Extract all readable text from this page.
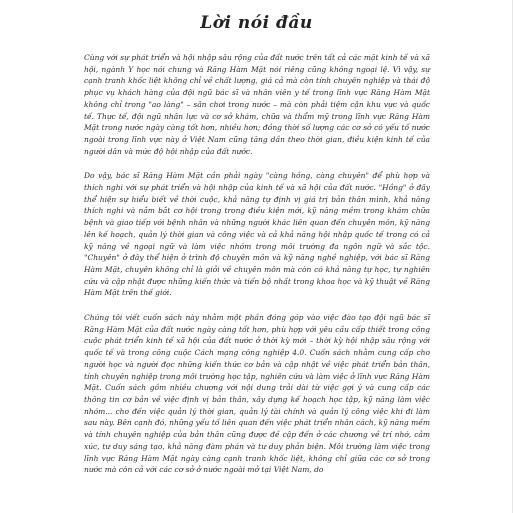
Lời nói đầu

Cùng với sự phát triển và hội nhập sâu rộng của đất nước trên tất cả các mặt kinh tế và xã hội, ngành Y học nói chung và Răng Hàm Mặt nói riêng cũng không ngoại lệ. Vì vậy, sự cạnh tranh khốc liệt không chỉ về chất lượng, giá cả mà còn tính chuyên nghiệp và thái độ phục vụ khách hàng của đội ngũ bác sĩ và nhân viên y tế trong lĩnh vực Răng Hàm Mặt không chỉ trong "ao làng" – sân chơi trong nước – mà còn phải tiệm cận khu vực và quốc tế. Thực tế, đội ngũ nhân lực và cơ sở khám, chữa và thẩm mỹ trong lĩnh vực Răng Hàm Mặt trong nước ngày càng tốt hơn, nhiều hơn; đồng thời số lượng các cơ sở có yếu tố nước ngoài trong lĩnh vực này ở Việt Nam cũng tăng dần theo thời gian, điều kiện kinh tế của người dân và mức độ hội nhập của đất nước.

Do vậy, bác sĩ Răng Hàm Mặt cần phải ngày "càng hồng, càng chuyên" để phù hợp và thích nghi với sự phát triển và hội nhập của kinh tế và xã hội của đất nước. "Hồng" ở đây thể hiện sự hiểu biết về thời cuộc, khả năng tự định vị giá trị bản thân mình, khả năng thích nghi và nắm bắt cơ hội trong trong điều kiện mới, kỹ năng mềm trong khám chữa bệnh và giao tiếp với bệnh nhân và những người khác liên quan đến chuyên môn, kỹ năng lên kế hoạch, quản lý thời gian và công việc và cả khả năng hội nhập quốc tế trong có cả kỹ năng về ngoại ngữ và làm việc nhóm trong môi trường đa ngôn ngữ và sắc tộc. "Chuyên" ở đây thể hiện ở trình độ chuyên môn và kỹ năng nghề nghiệp, với bác sĩ Răng Hàm Mặt, chuyên không chỉ là giỏi về chuyên môn mà còn có khả năng tự học, tự nghiên cứu và cập nhật được những kiến thức và tiến bộ nhất trong khoa học và kỹ thuật về Răng Hàm Mặt trên thế giới.

Chúng tôi viết cuốn sách này nhằm một phần đóng góp vào việc đào tạo đội ngũ bác sĩ Răng Hàm Mặt của đất nước ngày càng tốt hơn, phù hợp với yêu cầu cấp thiết trong công cuộc phát triển kinh tế xã hội của đất nước ở thời kỳ mới – thời kỳ hội nhập sâu rộng với quốc tế và trong công cuộc Cách mạng công nghiệp 4.0. Cuốn sách nhằm cung cấp cho người học và người đọc những kiến thức cơ bản và cập nhật về việc phát triển bản thân, tính chuyên nghiệp trong môi trường học tập, nghiên cứu và làm việc ở lĩnh vực Răng Hàm Mặt. Cuốn sách gồm nhiều chương với nội dung trải dài từ việc gợi ý và cung cấp các thông tin cơ bản về việc định vị bản thân, xây dựng kế hoạch học tập, kỹ năng làm việc nhóm... cho đến việc quản lý thời gian, quản lý tài chính và quản lý công việc khi đi làm sau này. Bên cạnh đó, những yếu tố liên quan đến việc phát triển nhân cách, kỹ năng mềm và tính chuyên nghiệp của bản thân cũng được đề cập đến ở các chương về trí nhớ, cảm xúc, tư duy sáng tạo, khả năng đàm phán và tư duy phản biện. Môi trường làm việc trong lĩnh vực Răng Hàm Mặt ngày càng cạnh tranh khốc liệt, không chỉ giữa các cơ sở trong nước mà còn cả với các cơ sở ở nước ngoài mở tại Việt Nam, do
